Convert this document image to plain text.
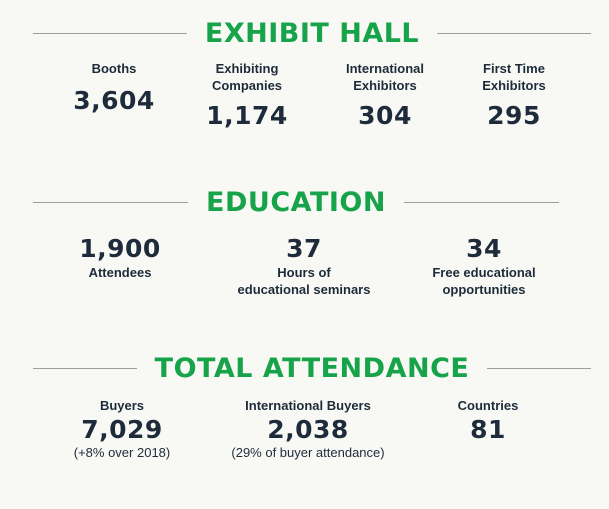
EXHIBIT HALL
Booths
3,604
Exhibiting
Companies
1,174
International
Exhibitors
304
First Time
Exhibitors
295
EDUCATION
1,900
Attendees
37
Hours of
educational seminars
34
Free educational
opportunities
TOTAL ATTENDANCE
Buyers
7,029
(+8% over 2018)
International Buyers
2,038
(29% of buyer attendance)
Countries
81
